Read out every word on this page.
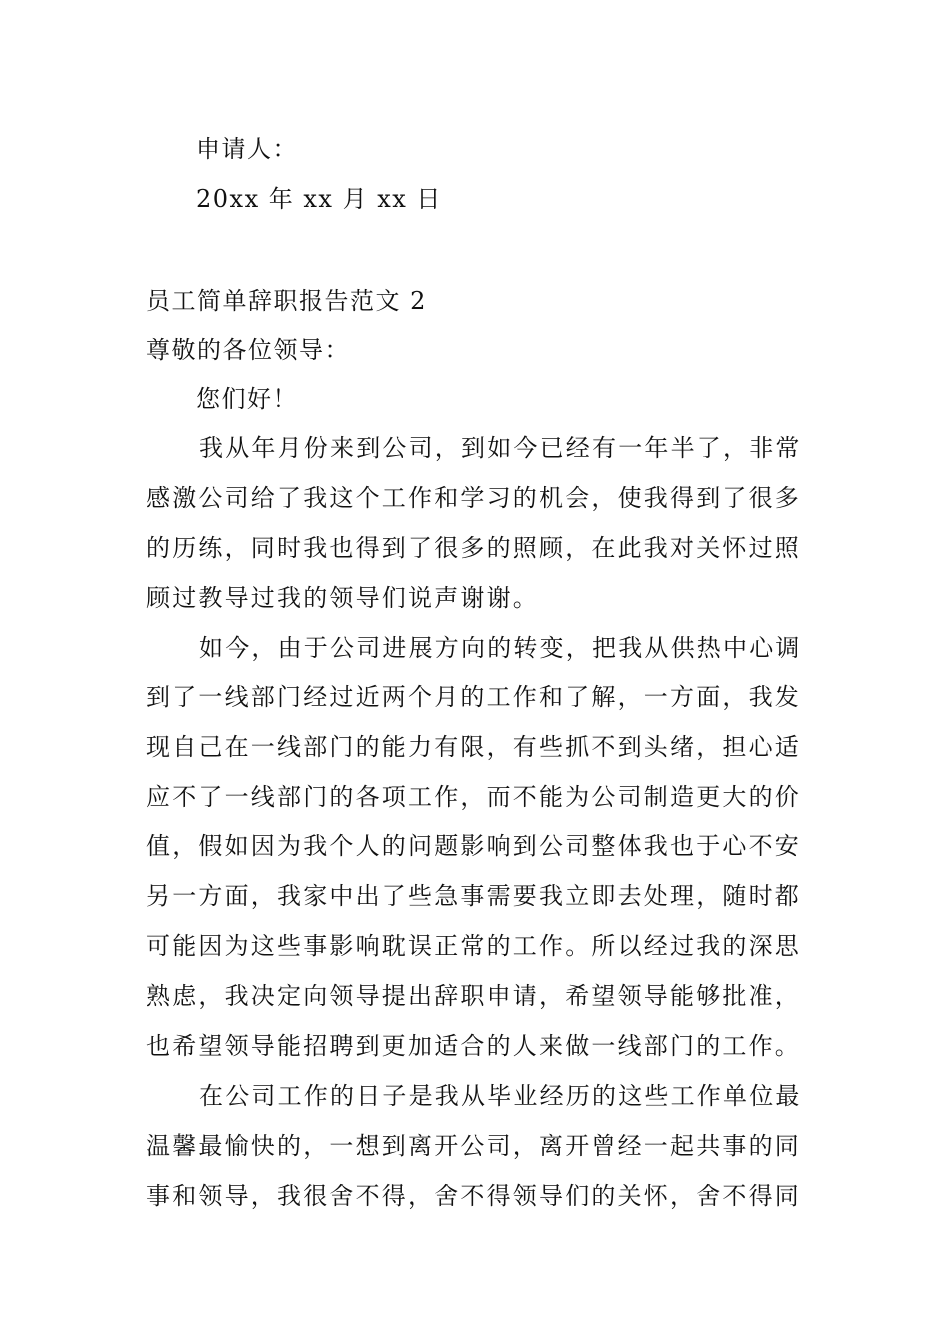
申请人：
20xx 年 xx 月 xx 日
员工简单辞职报告范文 2
尊敬的各位领导：
您们好！
我从年月份来到公司，到如今已经有一年半了，非常
感激公司给了我这个工作和学习的机会，使我得到了很多
的历练，同时我也得到了很多的照顾，在此我对关怀过照
顾过教导过我的领导们说声谢谢。
如今，由于公司进展方向的转变，把我从供热中心调
到了一线部门经过近两个月的工作和了解，一方面，我发
现自己在一线部门的能力有限，有些抓不到头绪，担心适
应不了一线部门的各项工作，而不能为公司制造更大的价
值，假如因为我个人的问题影响到公司整体我也于心不安
另一方面，我家中出了些急事需要我立即去处理，随时都
可能因为这些事影响耽误正常的工作。所以经过我的深思
熟虑，我决定向领导提出辞职申请，希望领导能够批准，
也希望领导能招聘到更加适合的人来做一线部门的工作。
在公司工作的日子是我从毕业经历的这些工作单位最
温馨最愉快的，一想到离开公司，离开曾经一起共事的同
事和领导，我很舍不得，舍不得领导们的关怀，舍不得同
